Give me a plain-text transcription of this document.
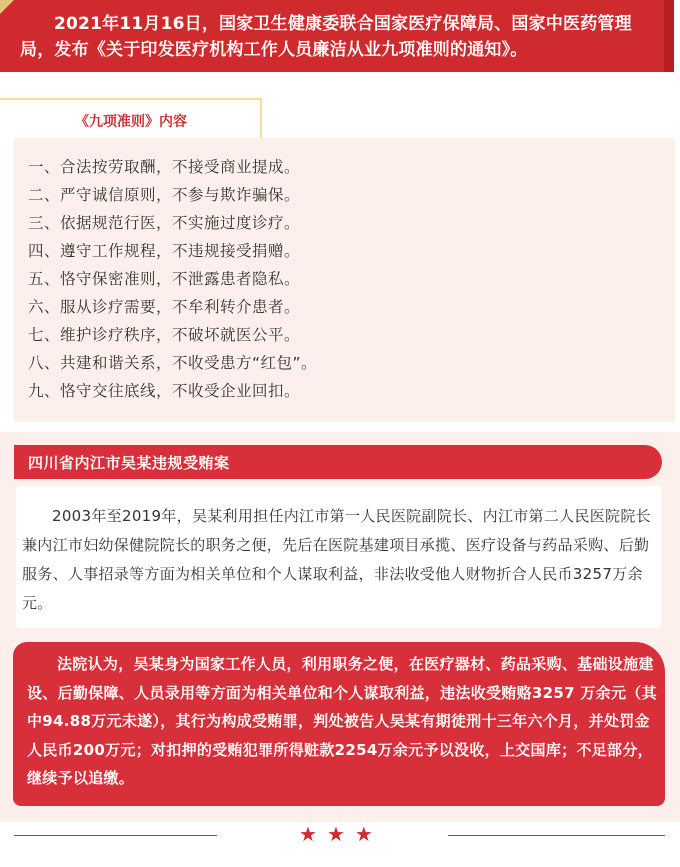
2021年11月16日，国家卫生健康委联合国家医疗保障局、国家中医药管理局，发布《关于印发医疗机构工作人员廉洁从业九项准则的通知》。
《九项准则》内容
一、合法按劳取酬，不接受商业提成。
二、严守诚信原则，不参与欺诈骗保。
三、依据规范行医，不实施过度诊疗。
四、遵守工作规程，不违规接受捐赠。
五、恪守保密准则，不泄露患者隐私。
六、服从诊疗需要，不牟利转介患者。
七、维护诊疗秩序，不破坏就医公平。
八、共建和谐关系，不收受患方“红包”。
九、恪守交往底线，不收受企业回扣。
四川省内江市吴某违规受贿案

2003年至2019年，吴某利用担任内江市第一人民医院副院长、内江市第二人民医院院长兼内江市妇幼保健院院长的职务之便，先后在医院基建项目承揽、医疗设备与药品采购、后勤服务、人事招录等方面为相关单位和个人谋取利益，非法收受他人财物折合人民币3257万余元。

法院认为，吴某身为国家工作人员，利用职务之便，在医疗器材、药品采购、基础设施建设、后勤保障、人员录用等方面为相关单位和个人谋取利益，违法收受贿赂3257 万余元（其中94.88万元未遂），其行为构成受贿罪，判处被告人吴某有期徒刑十三年六个月，并处罚金人民币200万元；对扣押的受贿犯罪所得赃款2254万余元予以没收，上交国库；不足部分，继续予以追缴。

★ ★ ★
